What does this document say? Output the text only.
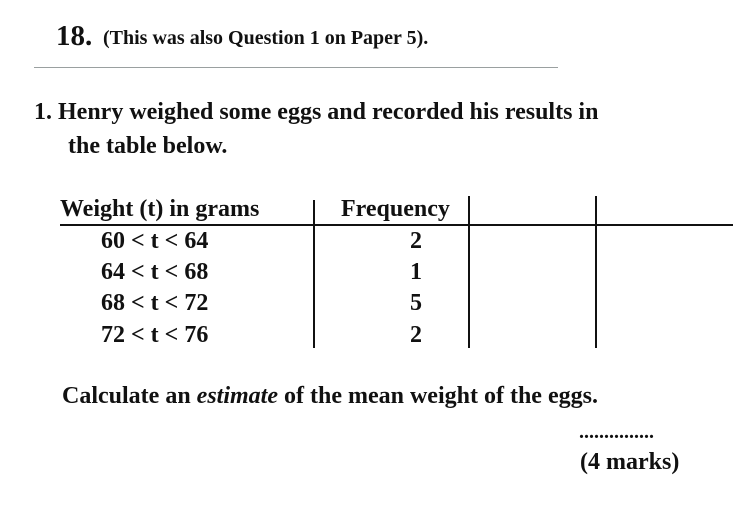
18. (This was also Question 1 on Paper 5).
1. Henry weighed some eggs and recorded his results in
the table below.
Weight (t) in grams	Frequency
60 < t < 64	2
64 < t < 68	1
68 < t < 72	5
72 < t < 76	2
Calculate an estimate of the mean weight of the eggs.
...............
(4 marks)
